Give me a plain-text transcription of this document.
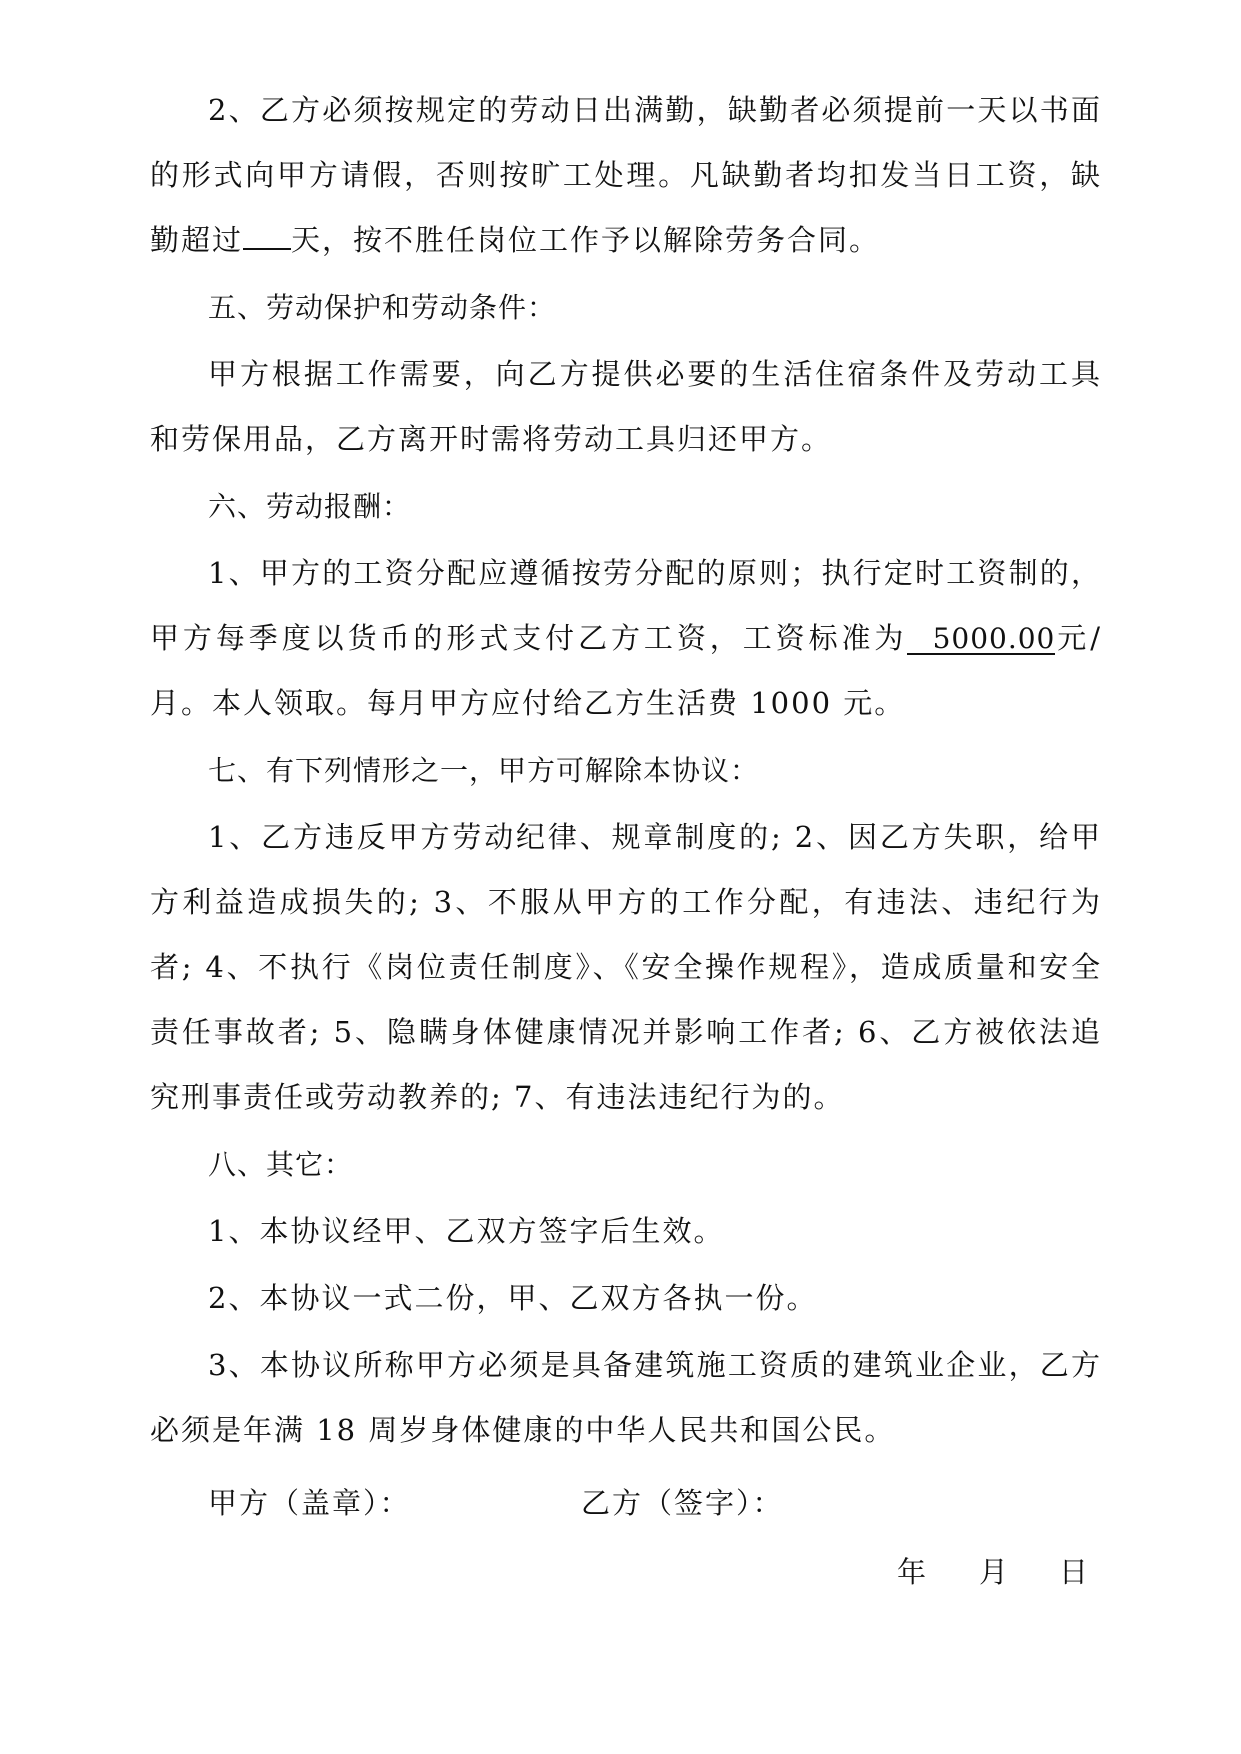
2、乙方必须按规定的劳动日出满勤，缺勤者必须提前一天以书面的形式向甲方请假，否则按旷工处理。凡缺勤者均扣发当日工资，缺勤超过 天，按不胜任岗位工作予以解除劳务合同。

五、劳动保护和劳动条件：

甲方根据工作需要，向乙方提供必要的生活住宿条件及劳动工具和劳保用品，乙方离开时需将劳动工具归还甲方。

六、劳动报酬：

1、甲方的工资分配应遵循按劳分配的原则；执行定时工资制的，甲方每季度以货币的形式支付乙方工资，工资标准为 5000.00元/月。本人领取。每月甲方应付给乙方生活费 1000 元。

七、有下列情形之一，甲方可解除本协议：

1、乙方违反甲方劳动纪律、规章制度的; 2、因乙方失职，给甲方利益造成损失的; 3、不服从甲方的工作分配，有违法、违纪行为者; 4、不执行《岗位责任制度》、《安全操作规程》，造成质量和安全责任事故者; 5、隐瞒身体健康情况并影响工作者; 6、乙方被依法追究刑事责任或劳动教养的; 7、有违法违纪行为的。

八、其它：

1、本协议经甲、乙双方签字后生效。

2、本协议一式二份，甲、乙双方各执一份。

3、本协议所称甲方必须是具备建筑施工资质的建筑业企业，乙方必须是年满 18 周岁身体健康的中华人民共和国公民。

甲方（盖章）：	乙方（签字）：
年 月 日
